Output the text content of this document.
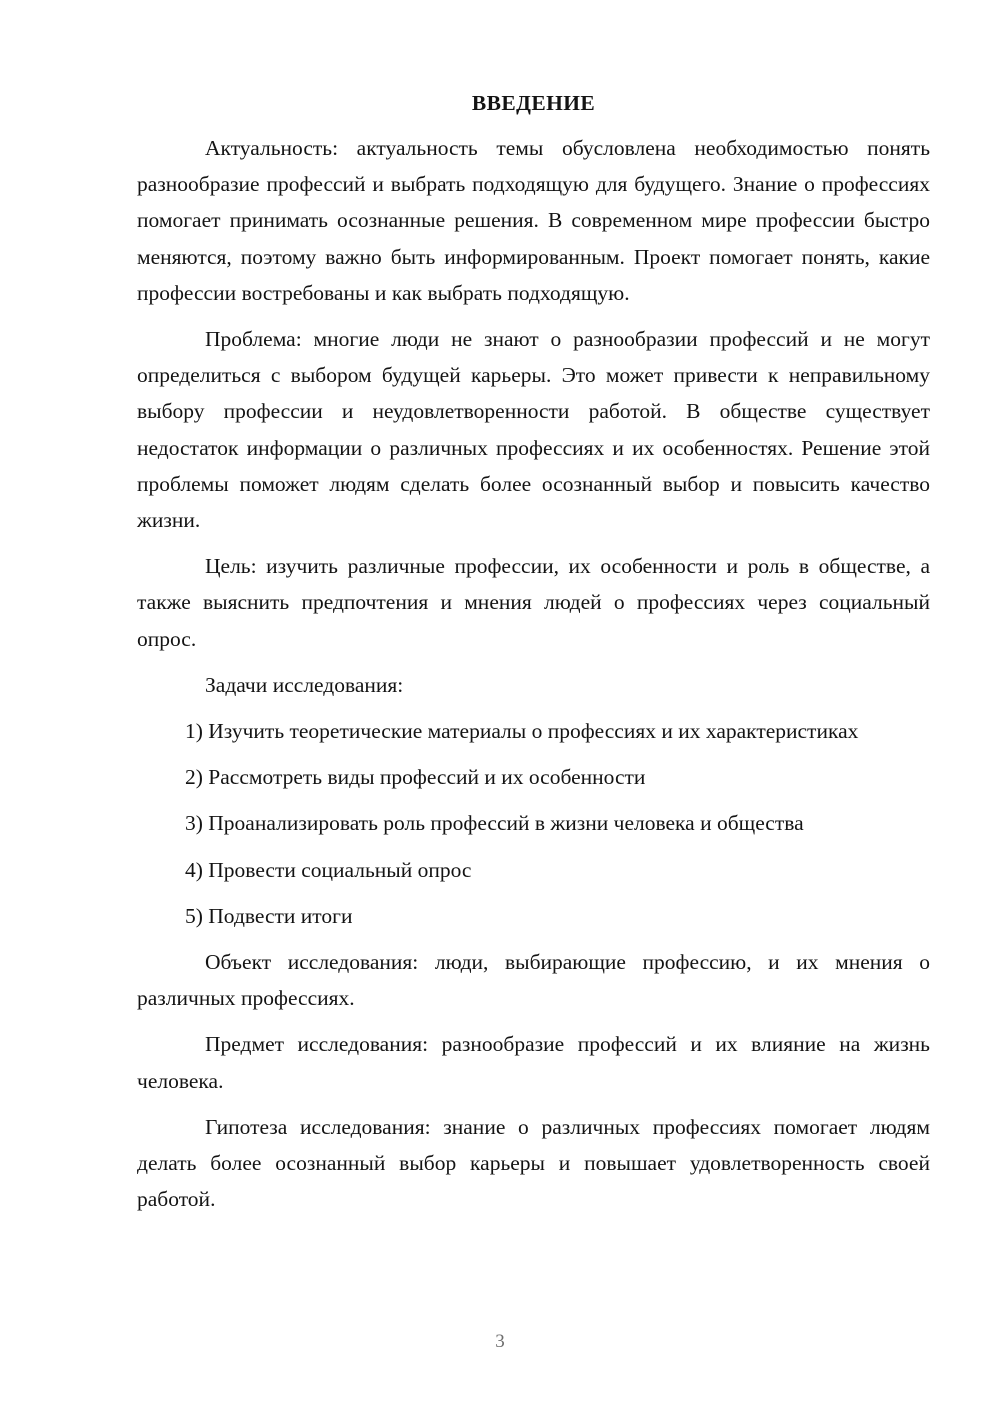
ВВЕДЕНИЕ

Актуальность: актуальность темы обусловлена необходимостью понять разнообразие профессий и выбрать подходящую для будущего. Знание о профессиях помогает принимать осознанные решения. В современном мире профессии быстро меняются, поэтому важно быть информированным. Проект помогает понять, какие профессии востребованы и как выбрать подходящую.

Проблема: многие люди не знают о разнообразии профессий и не могут определиться с выбором будущей карьеры. Это может привести к неправильному выбору профессии и неудовлетворенности работой. В обществе существует недостаток информации о различных профессиях и их особенностях. Решение этой проблемы поможет людям сделать более осознанный выбор и повысить качество жизни.

Цель: изучить различные профессии, их особенности и роль в обществе, а также выяснить предпочтения и мнения людей о профессиях через социальный опрос.

Задачи исследования:

1) Изучить теоретические материалы о профессиях и их характеристиках

2) Рассмотреть виды профессий и их особенности

3) Проанализировать роль профессий в жизни человека и общества

4) Провести социальный опрос

5) Подвести итоги

Объект исследования: люди, выбирающие профессию, и их мнения о различных профессиях.

Предмет исследования: разнообразие профессий и их влияние на жизнь человека.

Гипотеза исследования: знание о различных профессиях помогает людям делать более осознанный выбор карьеры и повышает удовлетворенность своей работой.

3
